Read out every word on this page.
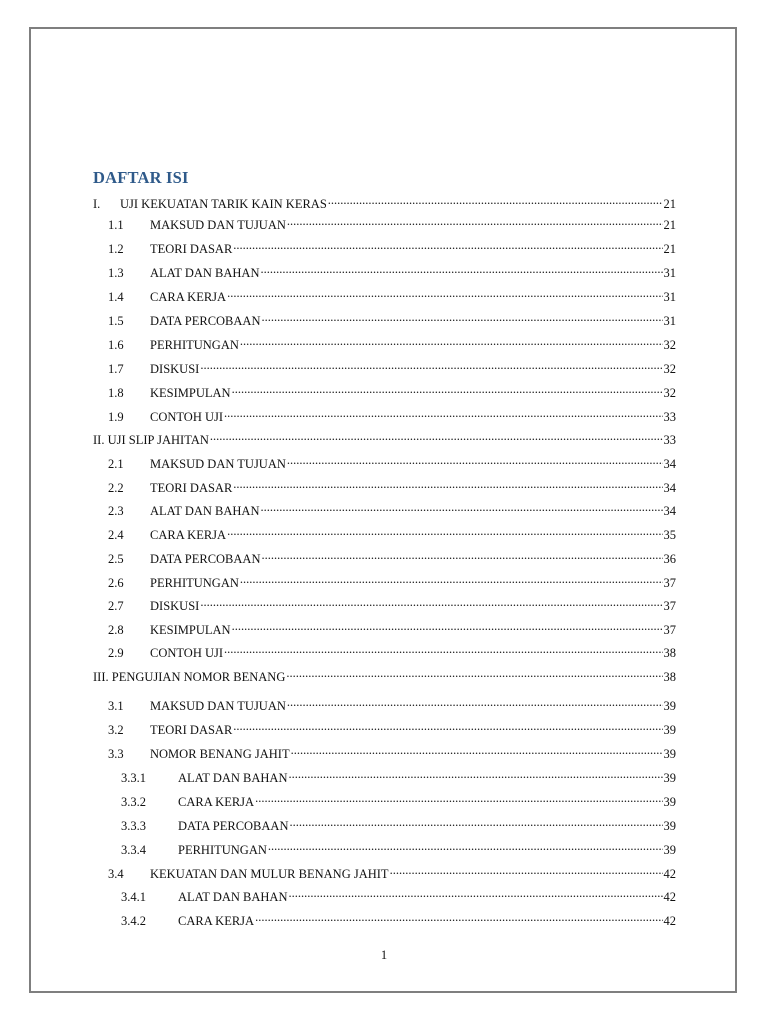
DAFTAR ISI
I.	UJI KEKUATAN TARIK KAIN KERAS .....	21
1.1	MAKSUD DAN TUJUAN .....	21
1.2	TEORI DASAR .....	21
1.3	ALAT DAN BAHAN .....	31
1.4	CARA KERJA .....	31
1.5	DATA PERCOBAAN .....	31
1.6	PERHITUNGAN .....	32
1.7	DISKUSI .....	32
1.8	KESIMPULAN .....	32
1.9	CONTOH UJI .....	33
II. UJI SLIP JAHITAN .....	33
2.1	MAKSUD DAN TUJUAN .....	34
2.2	TEORI DASAR .....	34
2.3	ALAT DAN BAHAN .....	34
2.4	CARA KERJA .....	35
2.5	DATA PERCOBAAN .....	36
2.6	PERHITUNGAN .....	37
2.7	DISKUSI .....	37
2.8	KESIMPULAN .....	37
2.9	CONTOH UJI .....	38
III. PENGUJIAN NOMOR BENANG .....	38
3.1	MAKSUD DAN TUJUAN .....	39
3.2	TEORI DASAR .....	39
3.3	NOMOR BENANG JAHIT .....	39
3.3.1	ALAT DAN BAHAN .....	39
3.3.2	CARA KERJA .....	39
3.3.3	DATA PERCOBAAN .....	39
3.3.4	PERHITUNGAN .....	39
3.4	KEKUATAN DAN MULUR BENANG JAHIT .....	42
3.4.1	ALAT DAN BAHAN .....	42
3.4.2	CARA KERJA .....	42
1
